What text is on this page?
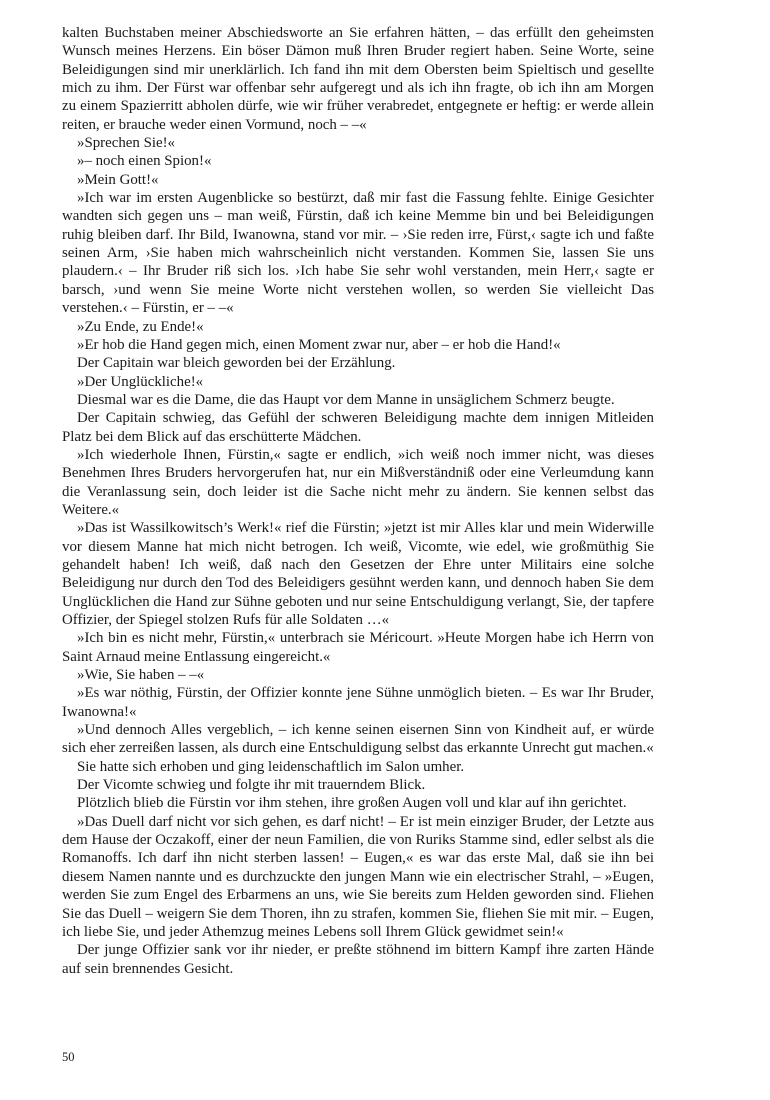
kalten Buchstaben meiner Abschiedsworte an Sie erfahren hätten, – das erfüllt den geheimsten Wunsch meines Herzens. Ein böser Dämon muß Ihren Bruder regiert haben. Seine Worte, seine Beleidigungen sind mir unerklärlich. Ich fand ihn mit dem Obersten beim Spieltisch und gesellte mich zu ihm. Der Fürst war offenbar sehr aufgeregt und als ich ihn fragte, ob ich ihn am Morgen zu einem Spazierritt abholen dürfe, wie wir früher verabredet, entgegnete er heftig: er werde allein reiten, er brauche weder einen Vormund, noch – –«

»Sprechen Sie!«

»– noch einen Spion!«

»Mein Gott!«

»Ich war im ersten Augenblicke so bestürzt, daß mir fast die Fassung fehlte. Einige Gesichter wandten sich gegen uns – man weiß, Fürstin, daß ich keine Memme bin und bei Beleidigungen ruhig bleiben darf. Ihr Bild, Iwanowna, stand vor mir. – ›Sie reden irre, Fürst,‹ sagte ich und faßte seinen Arm, ›Sie haben mich wahrscheinlich nicht verstanden. Kommen Sie, lassen Sie uns plaudern.‹ – Ihr Bruder riß sich los. ›Ich habe Sie sehr wohl verstanden, mein Herr,‹ sagte er barsch, ›und wenn Sie meine Worte nicht verstehen wollen, so werden Sie vielleicht Das verstehen.‹ – Fürstin, er – –«

»Zu Ende, zu Ende!«

»Er hob die Hand gegen mich, einen Moment zwar nur, aber – er hob die Hand!«

Der Capitain war bleich geworden bei der Erzählung.

»Der Unglückliche!«

Diesmal war es die Dame, die das Haupt vor dem Manne in unsäglichem Schmerz beugte.

Der Capitain schwieg, das Gefühl der schweren Beleidigung machte dem innigen Mitleiden Platz bei dem Blick auf das erschütterte Mädchen.

»Ich wiederhole Ihnen, Fürstin,« sagte er endlich, »ich weiß noch immer nicht, was dieses Benehmen Ihres Bruders hervorgerufen hat, nur ein Mißverständniß oder eine Verleumdung kann die Veranlassung sein, doch leider ist die Sache nicht mehr zu ändern. Sie kennen selbst das Weitere.«

»Das ist Wassilkowitsch’s Werk!« rief die Fürstin; »jetzt ist mir Alles klar und mein Widerwille vor diesem Manne hat mich nicht betrogen. Ich weiß, Vicomte, wie edel, wie großmüthig Sie gehandelt haben! Ich weiß, daß nach den Gesetzen der Ehre unter Militairs eine solche Beleidigung nur durch den Tod des Beleidigers gesühnt werden kann, und dennoch haben Sie dem Unglücklichen die Hand zur Sühne geboten und nur seine Entschuldigung verlangt, Sie, der tapfere Offizier, der Spiegel stolzen Rufs für alle Soldaten …«

»Ich bin es nicht mehr, Fürstin,« unterbrach sie Méricourt. »Heute Morgen habe ich Herrn von Saint Arnaud meine Entlassung eingereicht.«

»Wie, Sie haben – –«

»Es war nöthig, Fürstin, der Offizier konnte jene Sühne unmöglich bieten. – Es war Ihr Bruder, Iwanowna!«

»Und dennoch Alles vergeblich, – ich kenne seinen eisernen Sinn von Kindheit auf, er würde sich eher zerreißen lassen, als durch eine Entschuldigung selbst das erkannte Unrecht gut machen.«

Sie hatte sich erhoben und ging leidenschaftlich im Salon umher.

Der Vicomte schwieg und folgte ihr mit trauerndem Blick.

Plötzlich blieb die Fürstin vor ihm stehen, ihre großen Augen voll und klar auf ihn gerichtet.

»Das Duell darf nicht vor sich gehen, es darf nicht! – Er ist mein einziger Bruder, der Letzte aus dem Hause der Oczakoff, einer der neun Familien, die von Ruriks Stamme sind, edler selbst als die Romanoffs. Ich darf ihn nicht sterben lassen! – Eugen,« es war das erste Mal, daß sie ihn bei diesem Namen nannte und es durchzuckte den jungen Mann wie ein electrischer Strahl, – »Eugen, werden Sie zum Engel des Erbarmens an uns, wie Sie bereits zum Helden geworden sind. Fliehen Sie das Duell – weigern Sie dem Thoren, ihn zu strafen, kommen Sie, fliehen Sie mit mir. – Eugen, ich liebe Sie, und jeder Athemzug meines Lebens soll Ihrem Glück gewidmet sein!«

Der junge Offizier sank vor ihr nieder, er preßte stöhnend im bittern Kampf ihre zarten Hände auf sein brennendes Gesicht.

50
